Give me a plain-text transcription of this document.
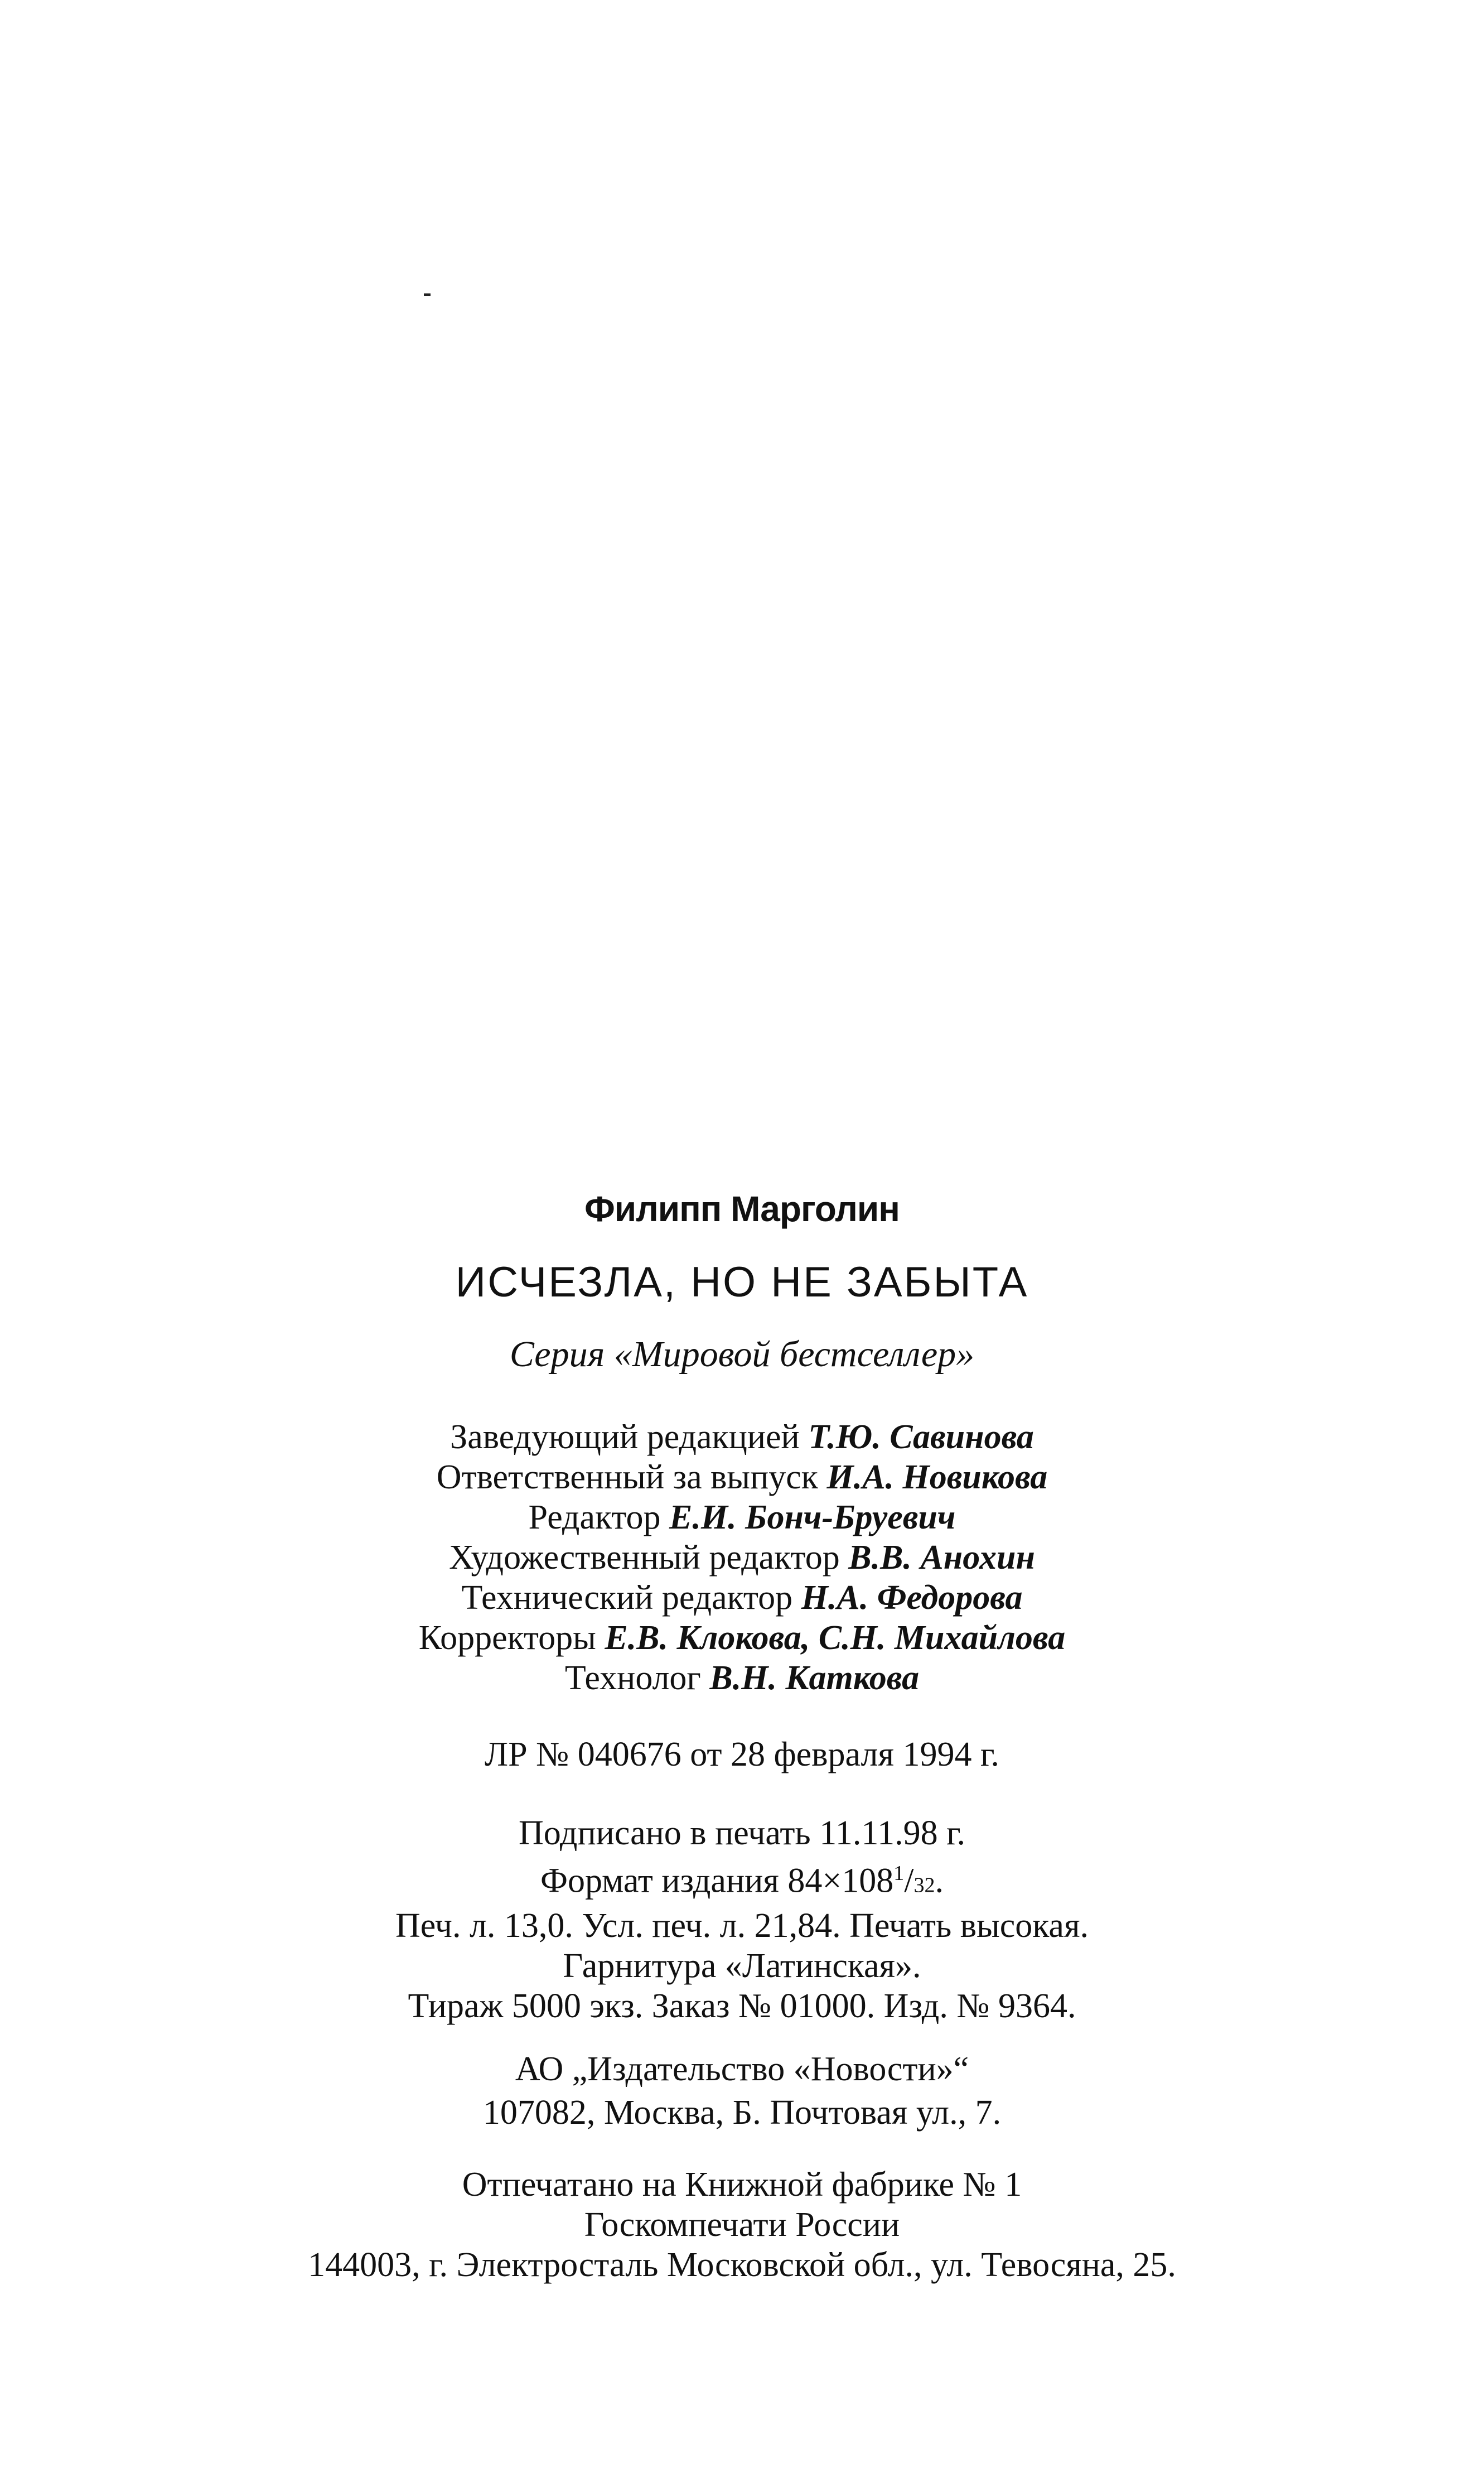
Филипп Марголин
ИСЧЕЗЛА, НО НЕ ЗАБЫТА
Серия «Мировой бестселлер»
Заведующий редакцией Т.Ю. Савинова
Ответственный за выпуск И.А. Новикова
Редактор Е.И. Бонч-Бруевич
Художественный редактор В.В. Анохин
Технический редактор Н.А. Федорова
Корректоры Е.В. Клокова, С.Н. Михайлова
Технолог В.Н. Каткова
ЛР № 040676 от 28 февраля 1994 г.
Подписано в печать 11.11.98 г.
Формат издания $84\times 108^1/32$.
Печ. л. 13,0. Усл. печ. л. 21,84. Печать высокая.
Гарнитура «Латинская».
Тираж 5000 экз. Заказ № 01000. Изд. № 9364.
АО „Издательство «Новости»“
107082, Москва, Б. Почтовая ул., 7.
Отпечатано на Книжной фабрике № 1
Госкомпечати России
144003, г. Электросталь Московской обл., ул. Тевосяна, 25.
